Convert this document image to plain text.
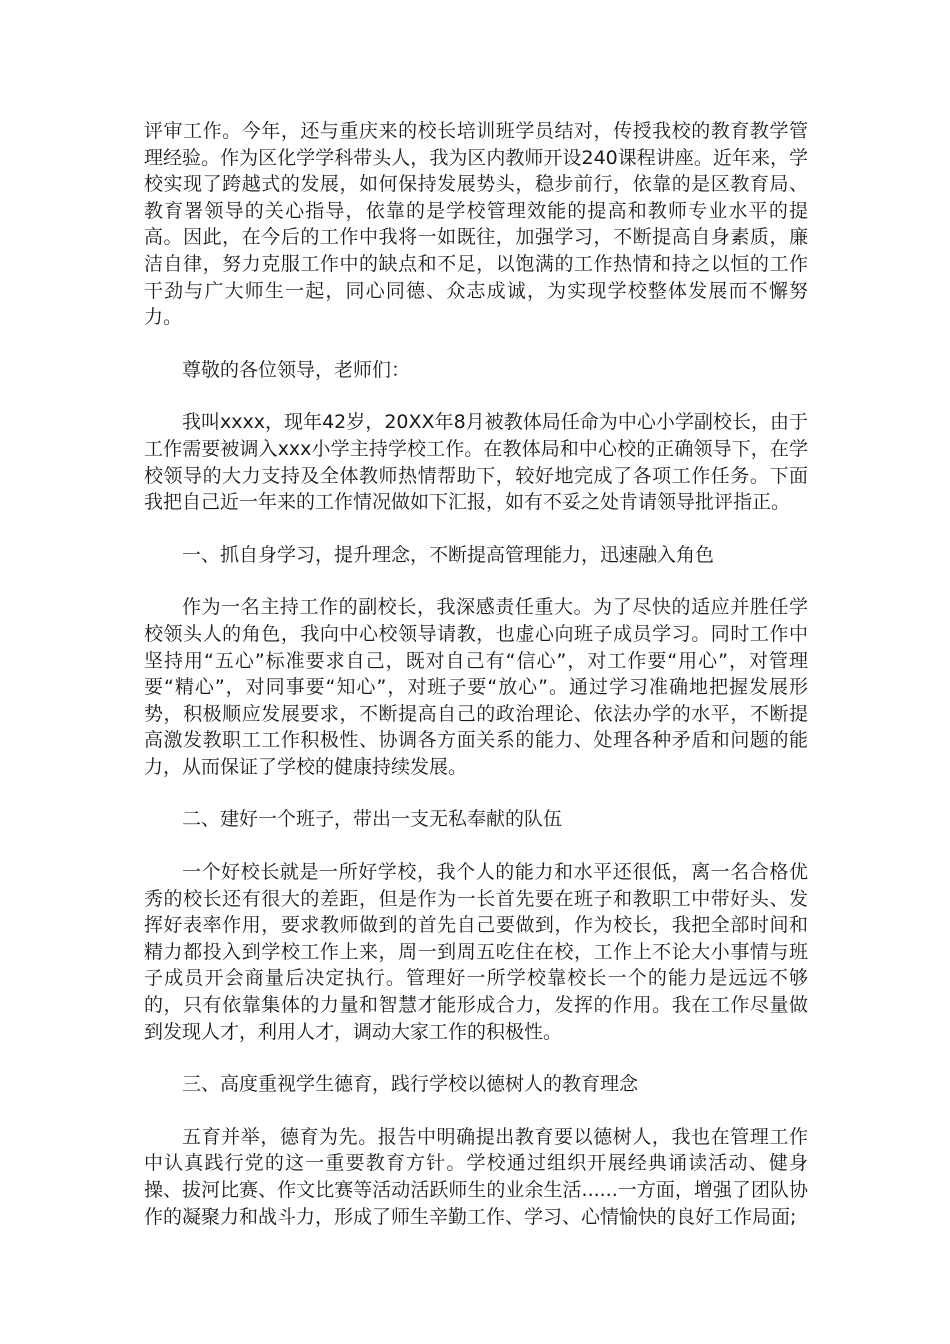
评审工作。今年，还与重庆来的校长培训班学员结对，传授我校的教育教学管理经验。作为区化学学科带头人，我为区内教师开设240课程讲座。近年来，学校实现了跨越式的发展，如何保持发展势头，稳步前行，依靠的是区教育局、教育署领导的关心指导，依靠的是学校管理效能的提高和教师专业水平的提高。因此，在今后的工作中我将一如既往，加强学习，不断提高自身素质，廉洁自律，努力克服工作中的缺点和不足，以饱满的工作热情和持之以恒的工作干劲与广大师生一起，同心同德、众志成诚，为实现学校整体发展而不懈努力。

尊敬的各位领导，老师们：

我叫xxxx，现年42岁，20XX年8月被教体局任命为中心小学副校长，由于工作需要被调入xxx小学主持学校工作。在教体局和中心校的正确领导下，在学校领导的大力支持及全体教师热情帮助下，较好地完成了各项工作任务。下面我把自己近一年来的工作情况做如下汇报，如有不妥之处肯请领导批评指正。

一、抓自身学习，提升理念，不断提高管理能力，迅速融入角色

作为一名主持工作的副校长，我深感责任重大。为了尽快的适应并胜任学校领头人的角色，我向中心校领导请教，也虚心向班子成员学习。同时工作中坚持用“五心”标准要求自己，既对自己有“信心”，对工作要“用心”，对管理要“精心”，对同事要“知心”，对班子要“放心”。通过学习准确地把握发展形势，积极顺应发展要求，不断提高自己的政治理论、依法办学的水平，不断提高激发教职工工作积极性、协调各方面关系的能力、处理各种矛盾和问题的能力，从而保证了学校的健康持续发展。

二、建好一个班子，带出一支无私奉献的队伍

一个好校长就是一所好学校，我个人的能力和水平还很低，离一名合格优秀的校长还有很大的差距，但是作为一长首先要在班子和教职工中带好头、发挥好表率作用，要求教师做到的首先自己要做到，作为校长，我把全部时间和精力都投入到学校工作上来，周一到周五吃住在校，工作上不论大小事情与班子成员开会商量后决定执行。管理好一所学校靠校长一个的能力是远远不够的，只有依靠集体的力量和智慧才能形成合力，发挥的作用。我在工作尽量做到发现人才，利用人才，调动大家工作的积极性。

三、高度重视学生德育，践行学校以德树人的教育理念

五育并举，德育为先。报告中明确提出教育要以德树人，我也在管理工作中认真践行党的这一重要教育方针。学校通过组织开展经典诵读活动、健身操、拔河比赛、作文比赛等活动活跃师生的业余生活......一方面，增强了团队协作的凝聚力和战斗力，形成了师生辛勤工作、学习、心情愉快的良好工作局面;
